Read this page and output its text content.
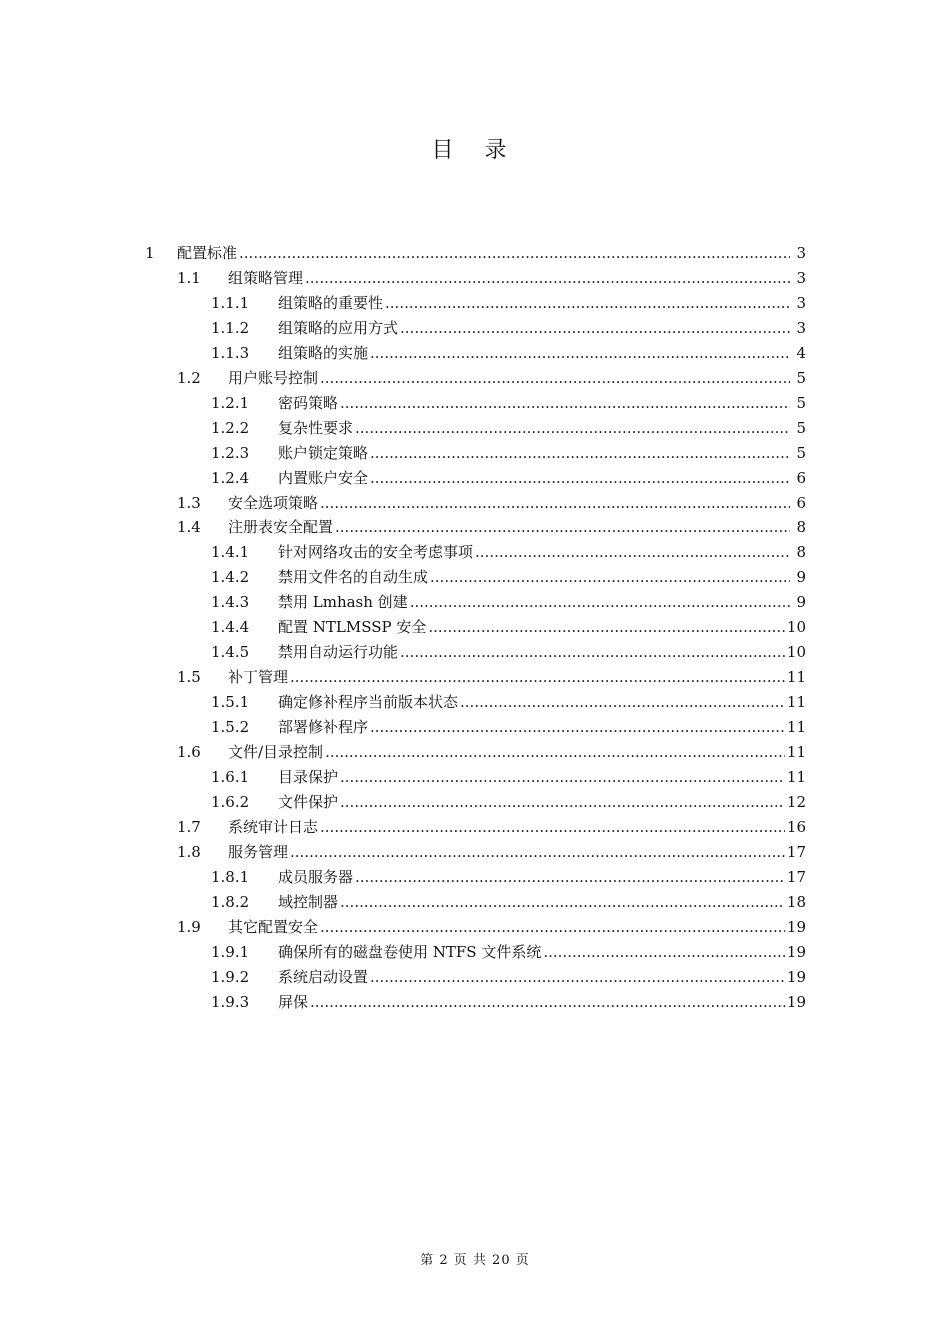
目 录
1 配置标准 .....	3
1.1 组策略管理 .....	3
1.1.1 组策略的重要性 .....	3
1.1.2 组策略的应用方式 .....	3
1.1.3 组策略的实施 .....	4
1.2 用户账号控制 .....	5
1.2.1 密码策略 .....	5
1.2.2 复杂性要求 .....	5
1.2.3 账户锁定策略 .....	5
1.2.4 内置账户安全 .....	6
1.3 安全选项策略 .....	6
1.4 注册表安全配置 .....	8
1.4.1 针对网络攻击的安全考虑事项 .....	8
1.4.2 禁用文件名的自动生成 .....	9
1.4.3 禁用 Lmhash 创建 .....	9
1.4.4 配置 NTLMSSP 安全 .....	10
1.4.5 禁用自动运行功能 .....	10
1.5 补丁管理 .....	11
1.5.1 确定修补程序当前版本状态 .....	11
1.5.2 部署修补程序 .....	11
1.6 文件/目录控制 .....	11
1.6.1 目录保护 .....	11
1.6.2 文件保护 .....	12
1.7 系统审计日志 .....	16
1.8 服务管理 .....	17
1.8.1 成员服务器 .....	17
1.8.2 域控制器 .....	18
1.9 其它配置安全 .....	19
1.9.1 确保所有的磁盘卷使用 NTFS 文件系统 .....	19
1.9.2 系统启动设置 .....	19
1.9.3 屏保 .....	19
第 2 页 共 20 页
